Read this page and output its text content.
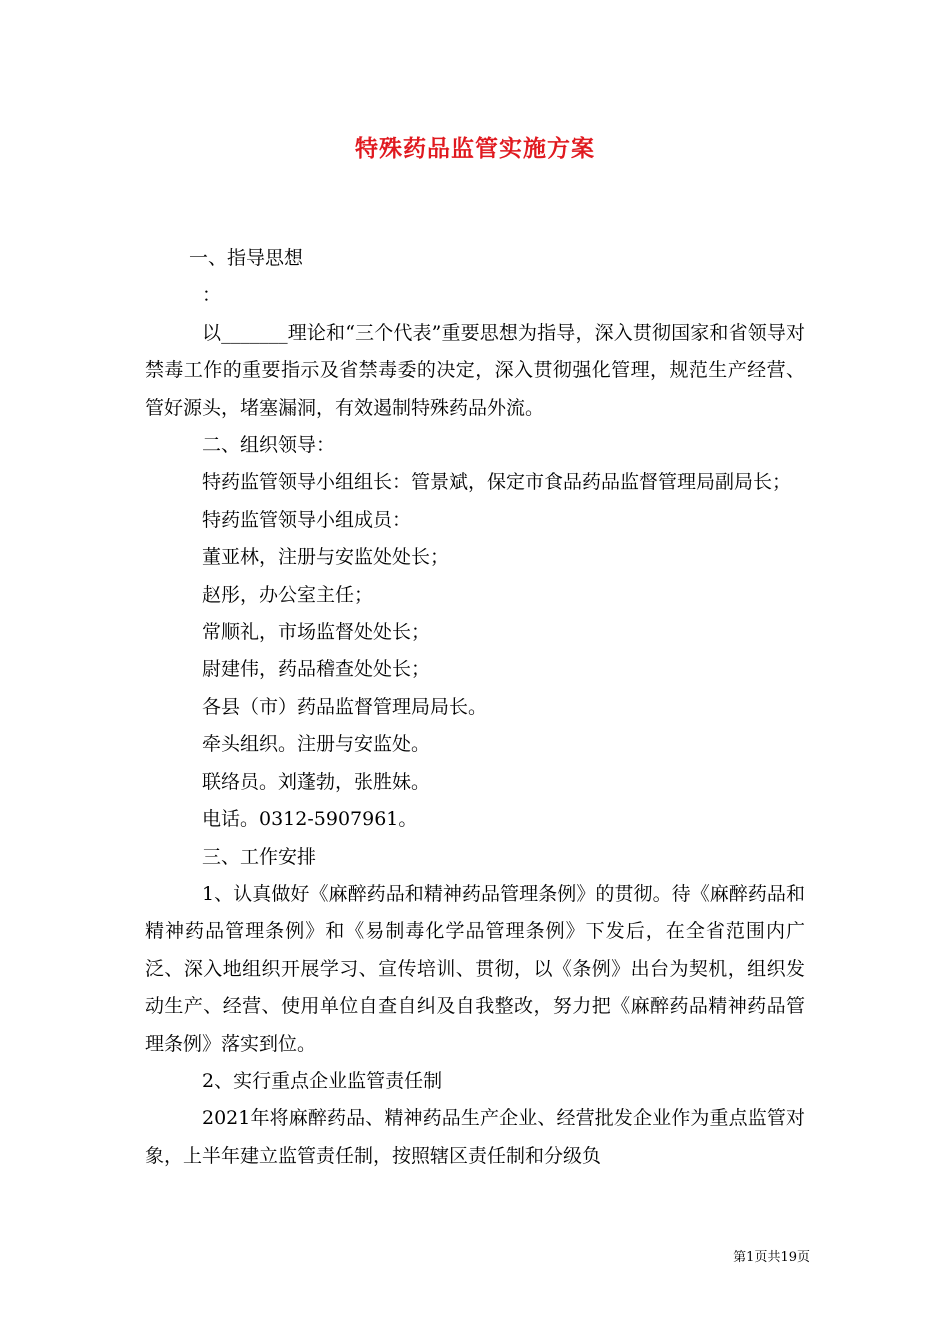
特殊药品监管实施方案

一、指导思想

：

以_______理论和“三个代表”重要思想为指导，深入贯彻国家和省领导对禁毒工作的重要指示及省禁毒委的决定，深入贯彻强化管理，规范生产经营、管好源头，堵塞漏洞，有效遏制特殊药品外流。

二、组织领导：

特药监管领导小组组长：管景斌，保定市食品药品监督管理局副局长；

特药监管领导小组成员：

董亚林，注册与安监处处长；

赵彤，办公室主任；

常顺礼，市场监督处处长；

尉建伟，药品稽查处处长；

各县（市）药品监督管理局局长。

牵头组织。注册与安监处。

联络员。刘蓬勃，张胜妹。

电话。0312-5907961。

三、工作安排

1、认真做好《麻醉药品和精神药品管理条例》的贯彻。待《麻醉药品和精神药品管理条例》和《易制毒化学品管理条例》下发后，在全省范围内广泛、深入地组织开展学习、宣传培训、贯彻，以《条例》出台为契机，组织发动生产、经营、使用单位自查自纠及自我整改，努力把《麻醉药品精神药品管理条例》落实到位。

2、实行重点企业监管责任制

2021年将麻醉药品、精神药品生产企业、经营批发企业作为重点监管对象，上半年建立监管责任制，按照辖区责任制和分级负

第1页共19页
